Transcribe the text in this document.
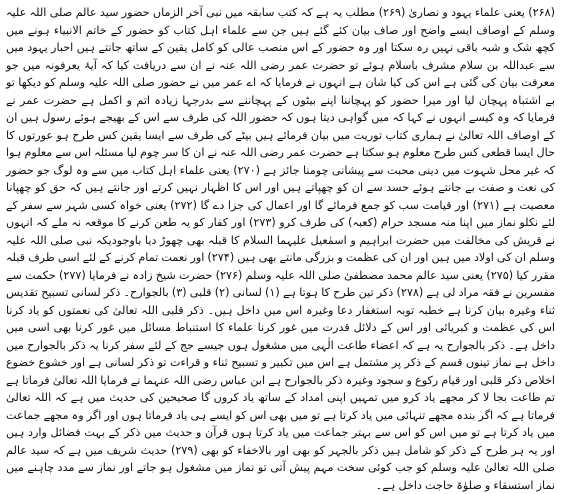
(۲۶۸) یعنی علماء یہود و نصاریٰ (۲۶۹) مطلب یہ ہے کہ کتب سابقہ میں نبی آخر الزماں حضور سید عالم صلی اللہ علیہ وسلم کے اوصاف ایسے واضح اور صاف بیان کئے گئے ہیں جن سے علماء اہل کتاب کو حضور کے خاتم الانبیاء ہونے میں کچھ شک و شبہ باقی نہیں رہ سکتا اور وہ حضور کے اس منصب عالی کو کامل یقین کے ساتھ جانتے ہیں احبار یہود میں سے عبداللہ بن سلام مشرف باسلام ہوئے تو حضرت عمر رضی اللہ عنہ نے ان سے دریافت کیا کہ آیۂ یعرفونہ میں جو معرفت بیان کی گئی ہے اس کی کیا شان ہے انہوں نے فرمایا کہ اے عمر میں نے حضور صلی اللہ علیہ وسلم کو دیکھا تو بے اشتباہ پہچان لیا اور میرا حضور کو پہچاننا اپنے بیٹوں کے پہچاننے سے بدرجہا زیادہ اتم و اکمل ہے حضرت عمر نے فرمایا کہ وہ کیسے انہوں نے کہا کہ میں گواہی دیتا ہوں کہ حضور اللہ کی طرف سے اس کے بھیجے ہوئے رسول ہیں ان کے اوصاف اللہ تعالیٰ نے ہماری کتاب توریت میں بیان فرمائے ہیں بیٹے کی طرف سے ایسا یقین کس طرح ہو عورتوں کا حال ایسا قطعی کس طرح معلوم ہو سکتا ہے حضرت عمر رضی اللہ عنہ نے ان کا سر چوم لیا مسئلہ اس سے معلوم ہوا کہ غیر محل شہوت میں دینی محبت سے پیشانی چومنا جائز ہے (۲۷۰) یعنی علماء اہل کتاب میں سے وہ لوگ جو حضور کی نعت و صفت بے جانتے ہوئے حسد سے ان کو چھپاتے ہیں اور اس کا اظہار نہیں کرتے اور جانتے ہیں کہ حق کو چھپانا معصیت ہے (۲۷۱) اور قیامت سب کو جمع فرمائے گا اور اعمال کی جزا دے گا (۲۷۲) یعنی خواہ کسی شہر سے سفر کے لئے نکلو نماز میں اپنا منہ مسجد حرام (کعبہ) کی طرف کرو (۲۷۳) اور کفار کو یہ طعن کرنے کا موقعہ نہ ملے کہ انہوں نے قریش کی مخالفت میں حضرت ابراہیم و اسمٰعیل علیہما السلام کا قبلہ بھی چھوڑ دیا باوجودیکہ نبی صلی اللہ علیہ وسلم ان کی اولاد میں ہیں اور ان کی عظمت و بزرگی مانتے بھی ہیں (۲۷۴) اور نعمت تمام کرنے کے لئے اسی طرف قبلہ مقرر کیا (۲۷۵) یعنی سید عالم محمد مصطفیٰ صلی اللہ علیہ وسلم (۲۷۶) حضرت شیخ زادہ نے فرمایا (۲۷۷) حکمت سے مفسرین نے فقہ مراد لی ہے (۲۷۸) ذکر تین طرح کا ہوتا ہے (۱) لسانی (۲) قلبی (۳) بالجوارح۔ ذکر لسانی تسبیح تقدیس ثناء وغیرہ بیان کرنا ہے خطبہ توبہ استغفار دعا وغیرہ اس میں داخل ہیں۔ ذکر قلبی اللہ تعالیٰ کی نعمتوں کو یاد کرنا اس کی عظمت و کبریائی اور اس کے دلائل قدرت میں غور کرنا علماء کا استنباط مسائل میں غور کرنا بھی اسی میں داخل ہے۔ ذکر بالجوارح یہ ہے کہ اعضاء طاعت الٰہی میں مشغول ہوں جیسے حج کے لئے سفر کرنا یہ ذکر بالجوارح میں داخل ہے نماز تینوں قسم کے ذکر پر مشتمل ہے اس میں تکبیر و تسبیح ثناء و قراءت تو ذکر لسانی ہے اور خشوع خضوع اخلاص ذکر قلبی اور قیام رکوع و سجود وغیرہ ذکر بالجوارح ہے ابن عباس رضی اللہ عنہما نے فرمایا اللہ تعالیٰ فرماتا ہے تم طاعت بجا لا کر مجھے یاد کرو میں تمہیں اپنی امداد کے ساتھ یاد کروں گا صحیحین کی حدیث میں ہے کہ اللہ تعالیٰ فرماتا ہے کہ اگر بندہ مجھے تنہائی میں یاد کرتا ہے تو میں بھی اس کو ایسے ہی یاد فرماتا ہوں اور اگر وہ مجھے جماعت میں یاد کرتا ہے تو میں اس کو اس سے بہتر جماعت میں یاد کرتا ہوں قرآن و حدیث میں ذکر کے بہت فضائل وارد ہیں اور یہ ہر طرح کے ذکر کو شامل ہیں ذکر بالجہر کو بھی اور بالاخفاء کو بھی (۲۷۹) حدیث شریف میں ہے کہ سید عالم صلی اللہ تعالیٰ علیہ وسلم کو جب کوئی سخت مہم پیش آتی تو نماز میں مشغول ہو جاتے اور نماز سے مدد چاہنے میں نماز استسقاء و صلوٰۃ حاجت داخل ہے۔
